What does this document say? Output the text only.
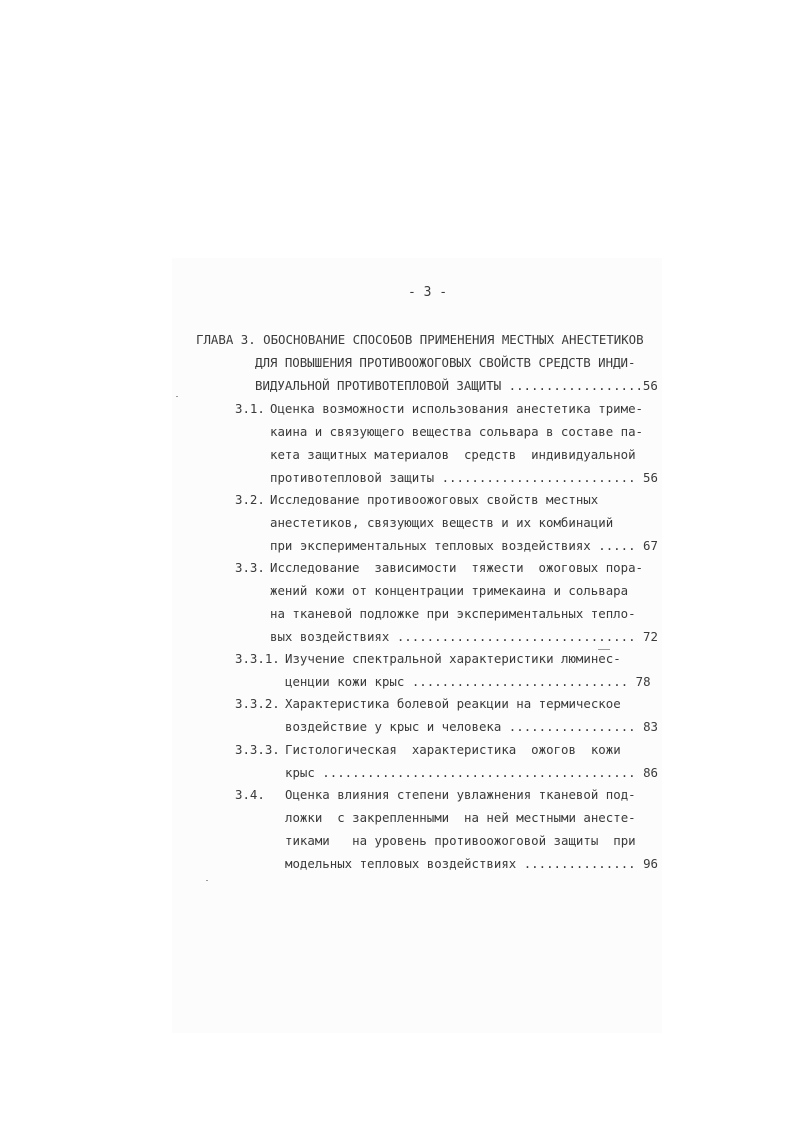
- 3 -
ГЛАВА 3. ОБОСНОВАНИЕ СПОСОБОВ ПРИМЕНЕНИЯ МЕСТНЫХ АНЕСТЕТИКОВ
ДЛЯ ПОВЫШЕНИЯ ПРОТИВООЖОГОВЫХ СВОЙСТВ СРЕДСТВ ИНДИ-
ВИДУАЛЬНОЙ ПРОТИВОТЕПЛОВОЙ ЗАЩИТЫ ..................56
3.1. Оценка возможности использования анестетика триме-
каина и связующего вещества сольвара в составе па-
кета защитных материалов  средств  индивидуальной
противотепловой защиты .......................... 56
3.2. Исследование противоожоговых свойств местных
анестетиков, связующих веществ и их комбинаций
при экспериментальных тепловых воздействиях ..... 67
3.3. Исследование  зависимости  тяжести  ожоговых пора-
жений кожи от концентрации тримекаина и сольвара
на тканевой подложке при экспериментальных тепло-
вых воздействиях ................................ 72
3.3.1. Изучение спектральной характеристики люминес-
ценции кожи крыс ............................. 78
3.3.2. Характеристика болевой реакции на термическое
воздействие у крыс и человека ................. 83
3.3.3. Гистологическая  характеристика  ожогов  кожи
крыс .......................................... 86
3.4. Оценка влияния степени увлажнения тканевой под-
ложки  с закрепленными  на ней местными анесте-
тиками   на уровень противоожоговой защиты  при
модельных тепловых воздействиях ............... 96
